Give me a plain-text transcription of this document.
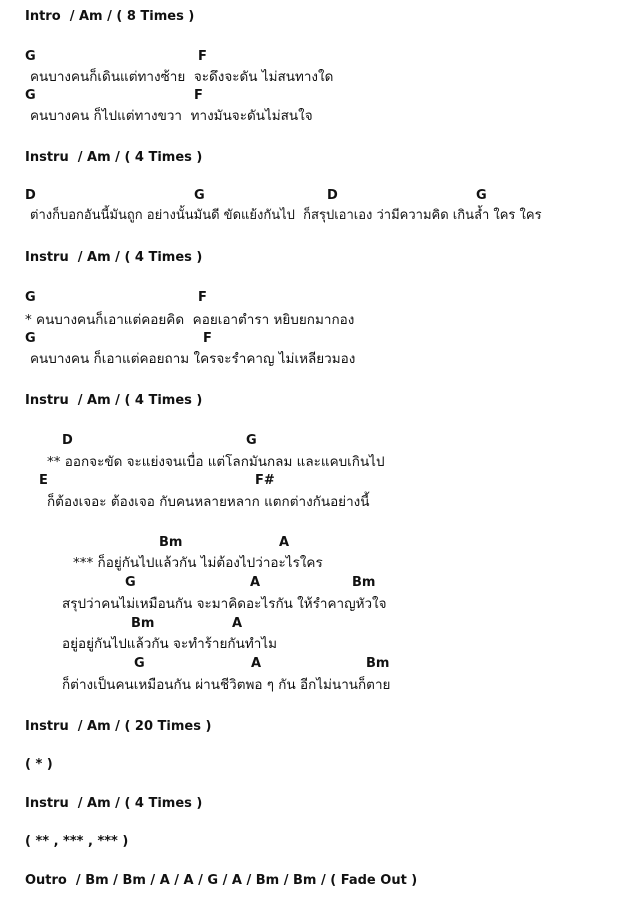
Intro  / Am / ( 8 Times )
G	F
คนบางคนก็เดินแต่ทางซ้าย  จะดึงจะดัน ไม่สนทางใด
G	F
คนบางคน ก็ไปแต่ทางขวา  ทางมันจะดันไม่สนใจ
Instru  / Am / ( 4 Times )
D	G	D	G
ต่างก็บอกอันนี้มันถูก อย่างนั้นมันดี ขัดแย้งกันไป  ก็สรุปเอาเอง ว่ามีความคิด เกินล้ำ ใคร ใคร
Instru  / Am / ( 4 Times )
G	F
* คนบางคนก็เอาแต่คอยคิด  คอยเอาตำรา หยิบยกมากอง
G	F
คนบางคน ก็เอาแต่คอยถาม ใครจะรำคาญ ไม่เหลียวมอง
Instru  / Am / ( 4 Times )
D	G
** ออกจะขัด จะแย่งจนเบื่อ แต่โลกมันกลม และแคบเกินไป
E	F#
ก็ต้องเจอะ ต้องเจอ กับคนหลายหลาก แตกต่างกันอย่างนี้
Bm	A
*** ก็อยู่กันไปแล้วกัน ไม่ต้องไปว่าอะไรใคร
G	A	Bm
สรุปว่าคนไม่เหมือนกัน จะมาคิดอะไรกัน ให้รำคาญหัวใจ
Bm	A
อยู่อยู่กันไปแล้วกัน จะทำร้ายกันทำไม
G	A	Bm
ก็ต่างเป็นคนเหมือนกัน ผ่านชีวิตพอ ๆ กัน อีกไม่นานก็ตาย
Instru  / Am / ( 20 Times )
( * )
Instru  / Am / ( 4 Times )
( ** , *** , *** )
Outro  / Bm / Bm / A / A / G / A / Bm / Bm / ( Fade Out )
